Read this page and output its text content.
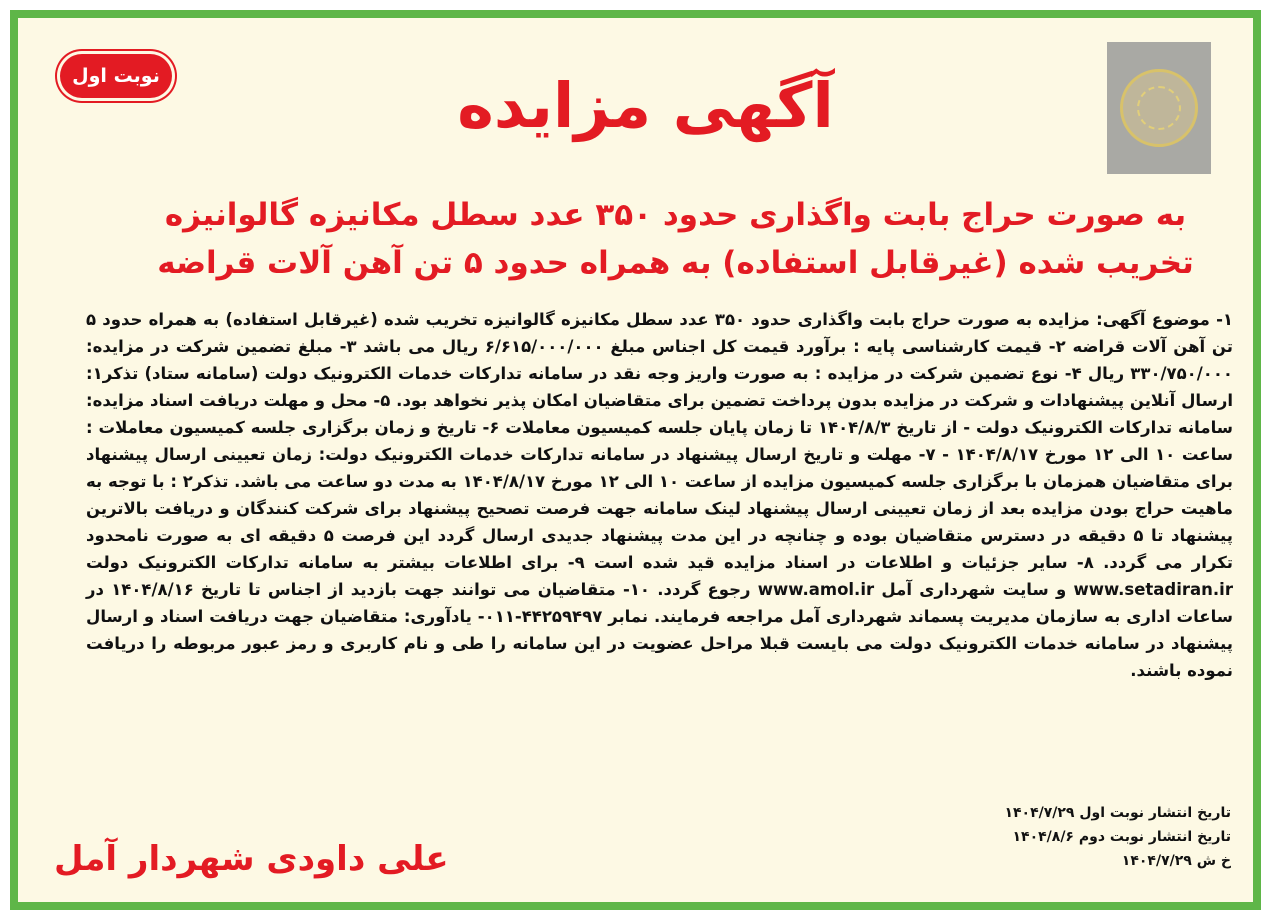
نوبت اول	آگهی مزایده
به صورت حراج بابت واگذاری حدود ۳۵۰ عدد سطل مکانیزه گالوانیزه
تخریب شده (غیرقابل استفاده) به همراه حدود ۵ تن آهن آلات قراضه

۱- موضوع آگهی: مزایده به صورت حراج بابت واگذاری حدود ۳۵۰ عدد سطل مکانیزه گالوانیزه تخریب شده (غیرقابل استفاده) به همراه حدود ۵ تن آهن آلات قراضه ۲- قیمت کارشناسی پایه : برآورد قیمت کل اجناس مبلغ ۶/۶۱۵/۰۰۰/۰۰۰ ریال می باشد ۳- مبلغ تضمین شرکت در مزایده: ۳۳۰/۷۵۰/۰۰۰ ریال ۴- نوع تضمین شرکت در مزایده : به صورت واریز وجه نقد در سامانه تدارکات خدمات الکترونیک دولت (سامانه ستاد) تذکر۱: ارسال آنلاین پیشنهادات و شرکت در مزایده بدون پرداخت تضمین برای متقاضیان امکان پذیر نخواهد بود. ۵- محل و مهلت دریافت اسناد مزایده: سامانه تدارکات الکترونیک دولت - از تاریخ ۱۴۰۴/۸/۳ تا زمان پایان جلسه کمیسیون معاملات ۶- تاریخ و زمان برگزاری جلسه کمیسیون معاملات : ساعت ۱۰ الی ۱۲ مورخ ۱۴۰۴/۸/۱۷ - ۷- مهلت و تاریخ ارسال پیشنهاد در سامانه تدارکات خدمات الکترونیک دولت: زمان تعیینی ارسال پیشنهاد برای متقاضیان همزمان با برگزاری جلسه کمیسیون مزایده از ساعت ۱۰ الی ۱۲ مورخ ۱۴۰۴/۸/۱۷ به مدت دو ساعت می باشد. تذکر۲ : با توجه به ماهیت حراج بودن مزایده بعد از زمان تعیینی ارسال پیشنهاد لینک سامانه جهت فرصت تصحیح پیشنهاد برای شرکت کنندگان و دریافت بالاترین پیشنهاد تا ۵ دقیقه در دسترس متقاضیان بوده و چنانچه در این مدت پیشنهاد جدیدی ارسال گردد این فرصت ۵ دقیقه ای به صورت نامحدود تکرار می گردد. ۸- سایر جزئیات و اطلاعات در اسناد مزایده قید شده است ۹- برای اطلاعات بیشتر به سامانه تدارکات الکترونیک دولت www.setadiran.ir و سایت شهرداری آمل www.amol.ir رجوع گردد. ۱۰- متقاضیان می توانند جهت بازدید از اجناس تا تاریخ ۱۴۰۴/۸/۱۶ در ساعات اداری به سازمان مدیریت پسماند شهرداری آمل مراجعه فرمایند. نمابر ۴۴۲۵۹۴۹۷-۰۱۱- یادآوری: متقاضیان جهت دریافت اسناد و ارسال پیشنهاد در سامانه خدمات الکترونیک دولت می بایست قبلا مراحل عضویت در این سامانه را طی و نام کاربری و رمز عبور مربوطه را دریافت نموده باشند.

تاریخ انتشار نوبت اول ۱۴۰۴/۷/۲۹
تاریخ انتشار نوبت دوم ۱۴۰۴/۸/۶
خ ش ۱۴۰۴/۷/۲۹
علی داودی شهردار آمل
